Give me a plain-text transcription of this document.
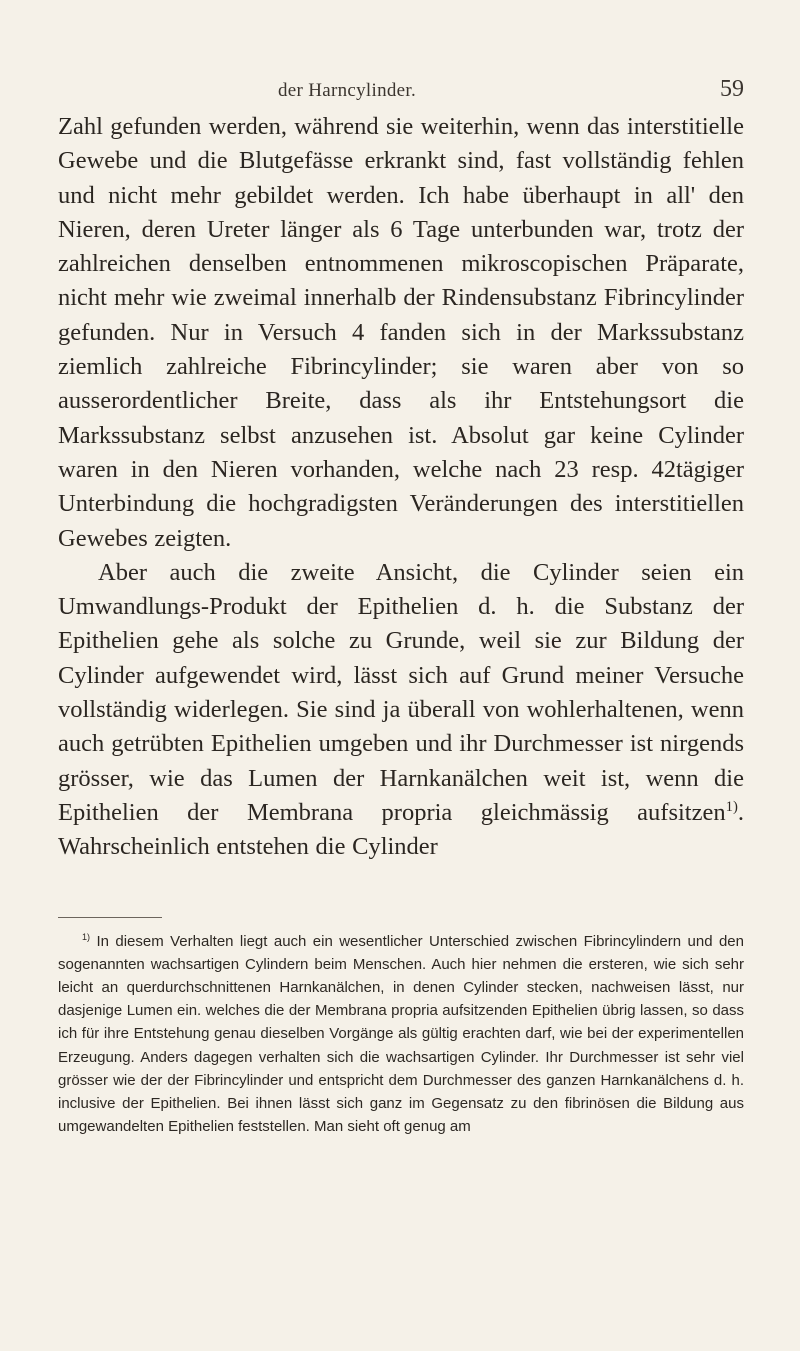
der Harncylinder.	59

Zahl gefunden werden, während sie weiterhin, wenn das interstitielle Gewebe und die Blutgefässe erkrankt sind, fast vollständig fehlen und nicht mehr gebildet werden. Ich habe überhaupt in all' den Nieren, deren Ureter länger als 6 Tage unterbunden war, trotz der zahlreichen denselben entnommenen mikroscopischen Präparate, nicht mehr wie zweimal innerhalb der Rindensubstanz Fibrincylinder gefunden. Nur in Versuch 4 fanden sich in der Markssubstanz ziemlich zahlreiche Fibrincylinder; sie waren aber von so ausserordentlicher Breite, dass als ihr Entstehungsort die Markssubstanz selbst anzusehen ist. Absolut gar keine Cylinder waren in den Nieren vorhanden, welche nach 23 resp. 42tägiger Unterbindung die hochgradigsten Veränderungen des interstitiellen Gewebes zeigten.

Aber auch die zweite Ansicht, die Cylinder seien ein Umwandlungs-Produkt der Epithelien d. h. die Substanz der Epithelien gehe als solche zu Grunde, weil sie zur Bildung der Cylinder aufgewendet wird, lässt sich auf Grund meiner Versuche vollständig widerlegen. Sie sind ja überall von wohlerhaltenen, wenn auch getrübten Epithelien umgeben und ihr Durchmesser ist nirgends grösser, wie das Lumen der Harnkanälchen weit ist, wenn die Epithelien der Membrana propria gleichmässig aufsitzen$^{1)}$. Wahrscheinlich entstehen die Cylinder

$^{1)}$ In diesem Verhalten liegt auch ein wesentlicher Unterschied zwischen Fibrincylindern und den sogenannten wachsartigen Cylindern beim Menschen. Auch hier nehmen die ersteren, wie sich sehr leicht an querdurchschnittenen Harnkanälchen, in denen Cylinder stecken, nachweisen lässt, nur dasjenige Lumen ein. welches die der Membrana propria aufsitzenden Epithelien übrig lassen, so dass ich für ihre Entstehung genau dieselben Vorgänge als gültig erachten darf, wie bei der experimentellen Erzeugung. Anders dagegen verhalten sich die wachsartigen Cylinder. Ihr Durchmesser ist sehr viel grösser wie der der Fibrincylinder und entspricht dem Durchmesser des ganzen Harnkanälchens d. h. inclusive der Epithelien. Bei ihnen lässt sich ganz im Gegensatz zu den fibrinösen die Bildung aus umgewandelten Epithelien feststellen. Man sieht oft genug am
